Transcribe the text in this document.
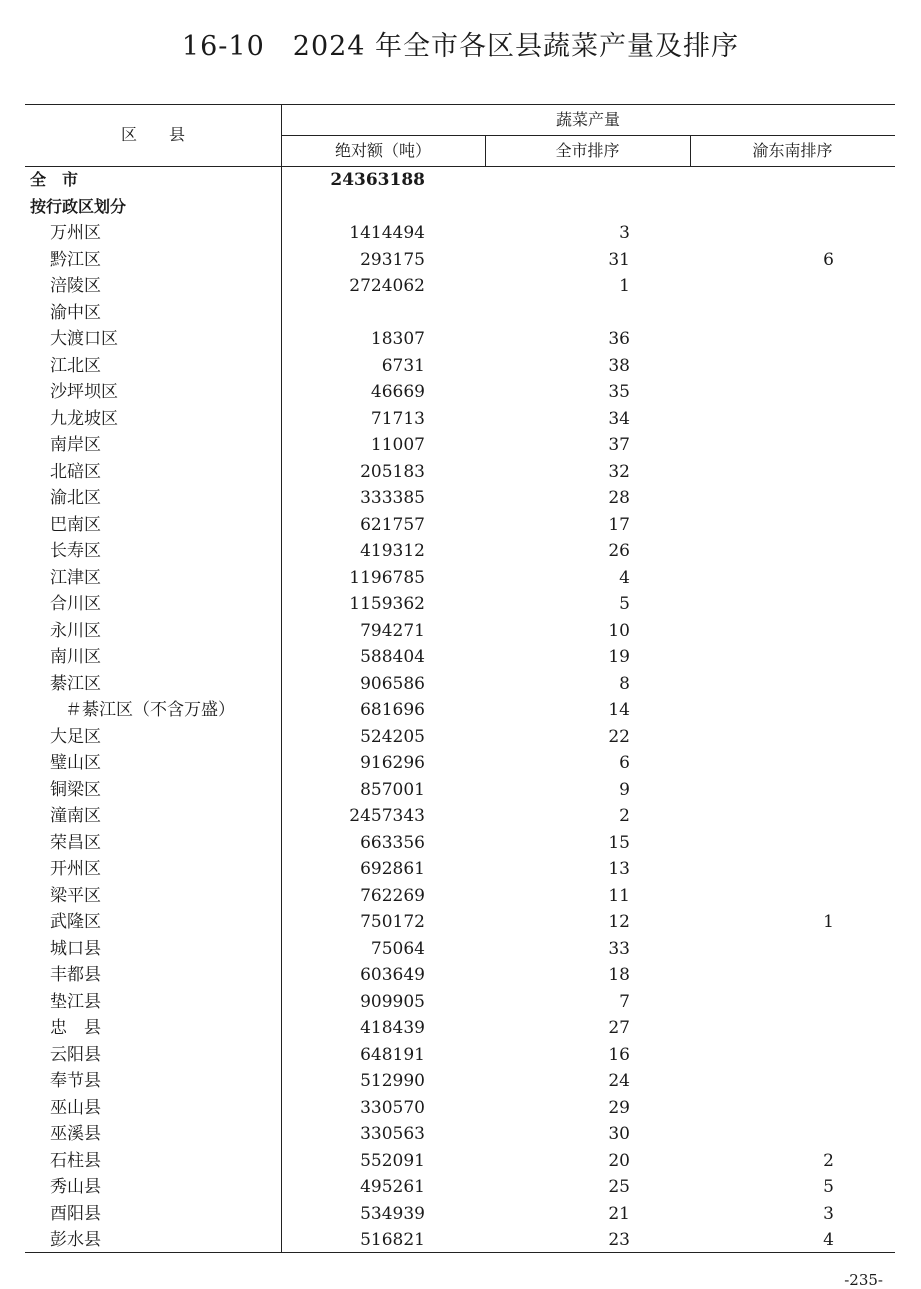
16-10 2024 年全市各区县蔬菜产量及排序
区　　县
蔬菜产量
绝对额（吨）	全市排序	渝东南排序
全　市	24363188
按行政区划分
万州区	1414494	3
黔江区	293175	31	6
涪陵区	2724062	1
渝中区
大渡口区	18307	36
江北区	6731	38
沙坪坝区	46669	35
九龙坡区	71713	34
南岸区	11007	37
北碚区	205183	32
渝北区	333385	28
巴南区	621757	17
长寿区	419312	26
江津区	1196785	4
合川区	1159362	5
永川区	794271	10
南川区	588404	19
綦江区	906586	8
＃綦江区（不含万盛）	681696	14
大足区	524205	22
璧山区	916296	6
铜梁区	857001	9
潼南区	2457343	2
荣昌区	663356	15
开州区	692861	13
梁平区	762269	11
武隆区	750172	12	1
城口县	75064	33
丰都县	603649	18
垫江县	909905	7
忠　县	418439	27
云阳县	648191	16
奉节县	512990	24
巫山县	330570	29
巫溪县	330563	30
石柱县	552091	20	2
秀山县	495261	25	5
酉阳县	534939	21	3
彭水县	516821	23	4
-235-
